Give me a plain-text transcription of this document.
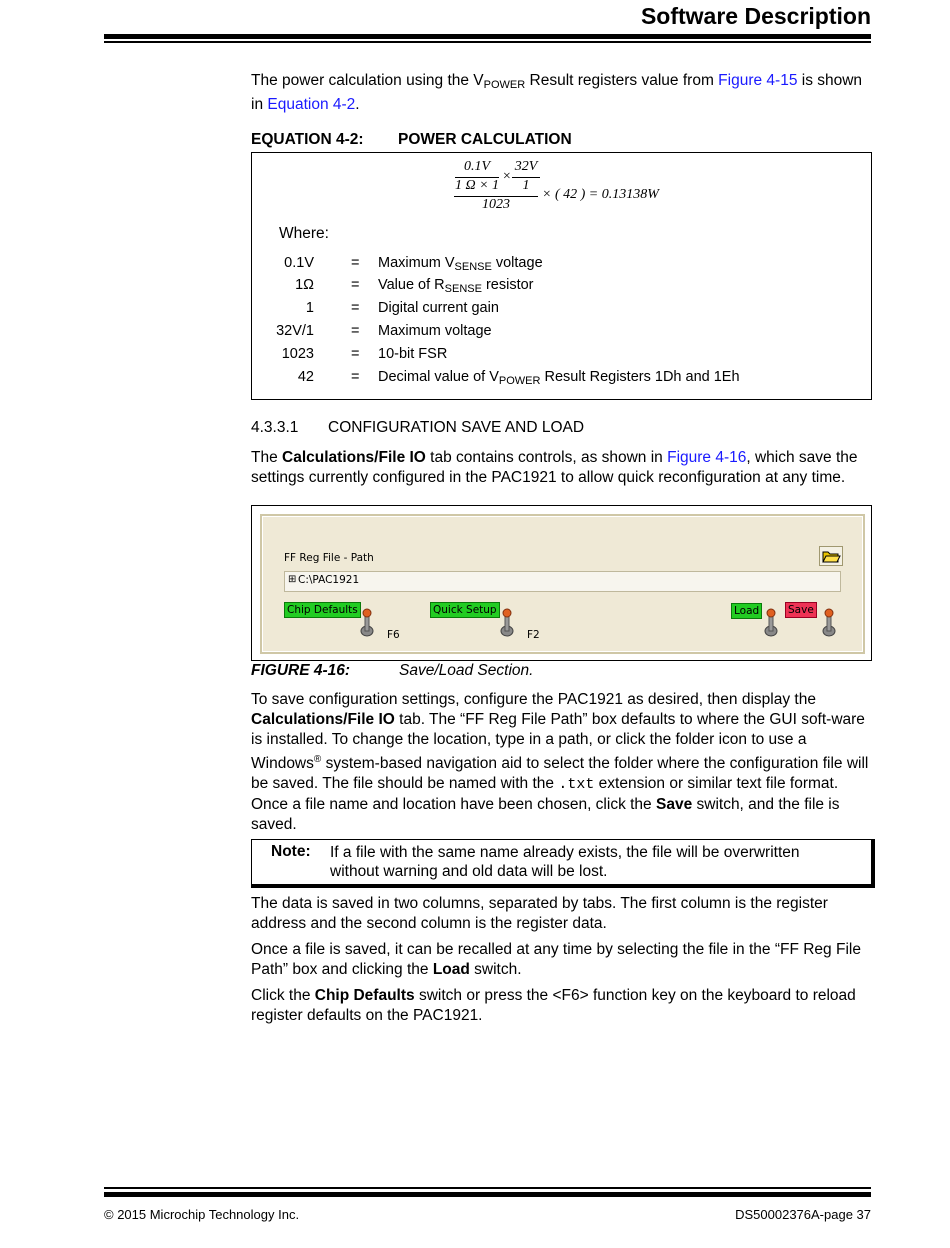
Software Description
The power calculation using the $V_{POWER}$ Result registers value from Figure 4-15 is shown in Equation 4-2.
EQUATION 4-2: POWER CALCULATION
0.1V
1 Ω × 1
×
32V
1
1023
× ( 42 ) = 0.13138W
Where:
0.1V	= Maximum $V_{SENSE}$ voltage
1Ω	= Value of $R_{SENSE}$ resistor
1	= Digital current gain
32V/1	= Maximum voltage
1023	= 10-bit FSR
42	= Decimal value of $V_{POWER}$ Result Registers 1Dh and 1Eh
4.3.3.1 CONFIGURATION SAVE AND LOAD
The Calculations/File IO tab contains controls, as shown in Figure 4-16, which save the settings currently configured in the PAC1921 to allow quick reconfiguration at any time.
FF Reg File - Path
⊞ C:\PAC1921
Chip Defaults
F6
Quick Setup
F2
Load	Save
FIGURE 4-16:	Save/Load Section.
To save configuration settings, configure the PAC1921 as desired, then display the Calculations/File IO tab. The “FF Reg File Path” box defaults to where the GUI soft-ware is installed. To change the location, type in a path, or click the folder icon to use a Windows® system-based navigation aid to select the folder where the configuration file will be saved. The file should be named with the .txt extension or similar text file format. Once a file name and location have been chosen, click the Save switch, and the file is saved.
Note: If a file with the same name already exists, the file will be overwritten without warning and old data will be lost.
The data is saved in two columns, separated by tabs. The first column is the register address and the second column is the register data.
Once a file is saved, it can be recalled at any time by selecting the file in the “FF Reg File Path” box and clicking the Load switch.
Click the Chip Defaults switch or press the <F6> function key on the keyboard to reload register defaults on the PAC1921.
© 2015 Microchip Technology Inc.	DS50002376A-page 37
